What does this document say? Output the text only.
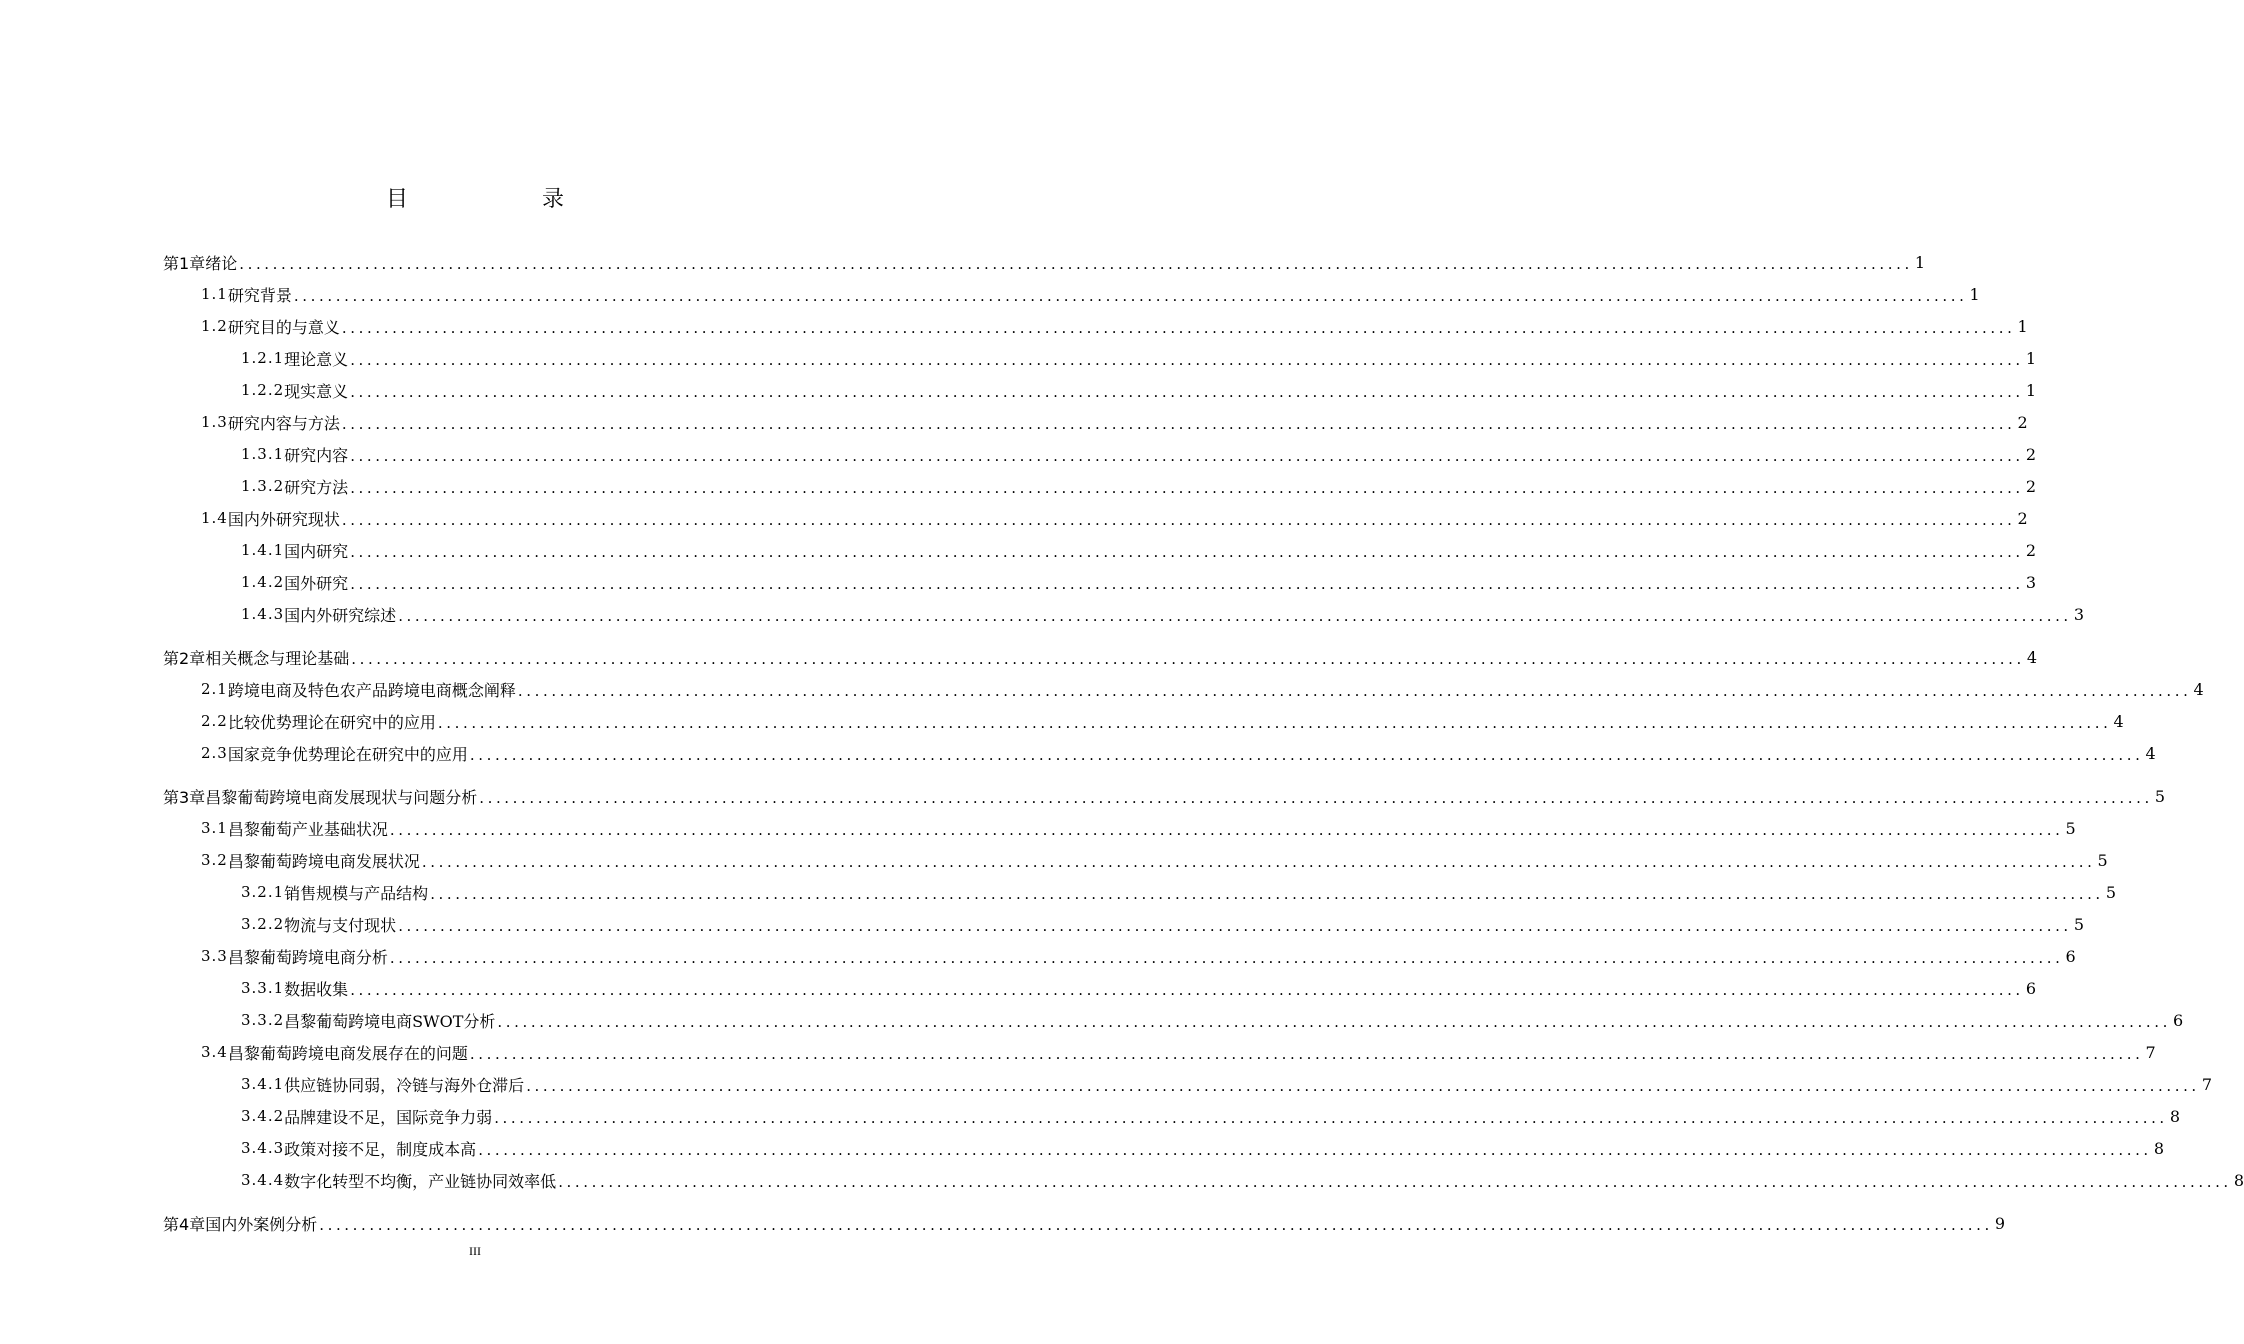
目　录
第1章 绪论 ........................................................................................................................................................................................................ 1
1.1 研究背景 ........................................................................................................................................................................................................ 1
1.2 研究目的与意义 ........................................................................................................................................................................................................ 1
1.2.1 理论意义 ........................................................................................................................................................................................................ 1
1.2.2 现实意义 ........................................................................................................................................................................................................ 1
1.3 研究内容与方法 ........................................................................................................................................................................................................ 2
1.3.1 研究内容 ........................................................................................................................................................................................................ 2
1.3.2 研究方法 ........................................................................................................................................................................................................ 2
1.4 国内外研究现状 ........................................................................................................................................................................................................ 2
1.4.1 国内研究 ........................................................................................................................................................................................................ 2
1.4.2 国外研究 ........................................................................................................................................................................................................ 3
1.4.3 国内外研究综述 ........................................................................................................................................................................................................ 3
第2章 相关概念与理论基础 ........................................................................................................................................................................................................ 4
2.1 跨境电商及特色农产品跨境电商概念阐释 ........................................................................................................................................................................................................ 4
2.2 比较优势理论在研究中的应用 ........................................................................................................................................................................................................ 4
2.3 国家竞争优势理论在研究中的应用 ........................................................................................................................................................................................................ 4
第3章 昌黎葡萄跨境电商发展现状与问题分析 ........................................................................................................................................................................................................ 5
3.1 昌黎葡萄产业基础状况 ........................................................................................................................................................................................................ 5
3.2 昌黎葡萄跨境电商发展状况 ........................................................................................................................................................................................................ 5
3.2.1 销售规模与产品结构 ........................................................................................................................................................................................................ 5
3.2.2 物流与支付现状 ........................................................................................................................................................................................................ 5
3.3 昌黎葡萄跨境电商分析 ........................................................................................................................................................................................................ 6
3.3.1 数据收集 ........................................................................................................................................................................................................ 6
3.3.2 昌黎葡萄跨境电商SWOT分析 ........................................................................................................................................................................................................ 6
3.4 昌黎葡萄跨境电商发展存在的问题 ........................................................................................................................................................................................................ 7
3.4.1 供应链协同弱，冷链与海外仓滞后 ........................................................................................................................................................................................................ 7
3.4.2 品牌建设不足，国际竞争力弱 ........................................................................................................................................................................................................ 8
3.4.3 政策对接不足，制度成本高 ........................................................................................................................................................................................................ 8
3.4.4 数字化转型不均衡，产业链协同效率低 ........................................................................................................................................................................................................ 8
第4章 国内外案例分析 ........................................................................................................................................................................................................ 9
III
